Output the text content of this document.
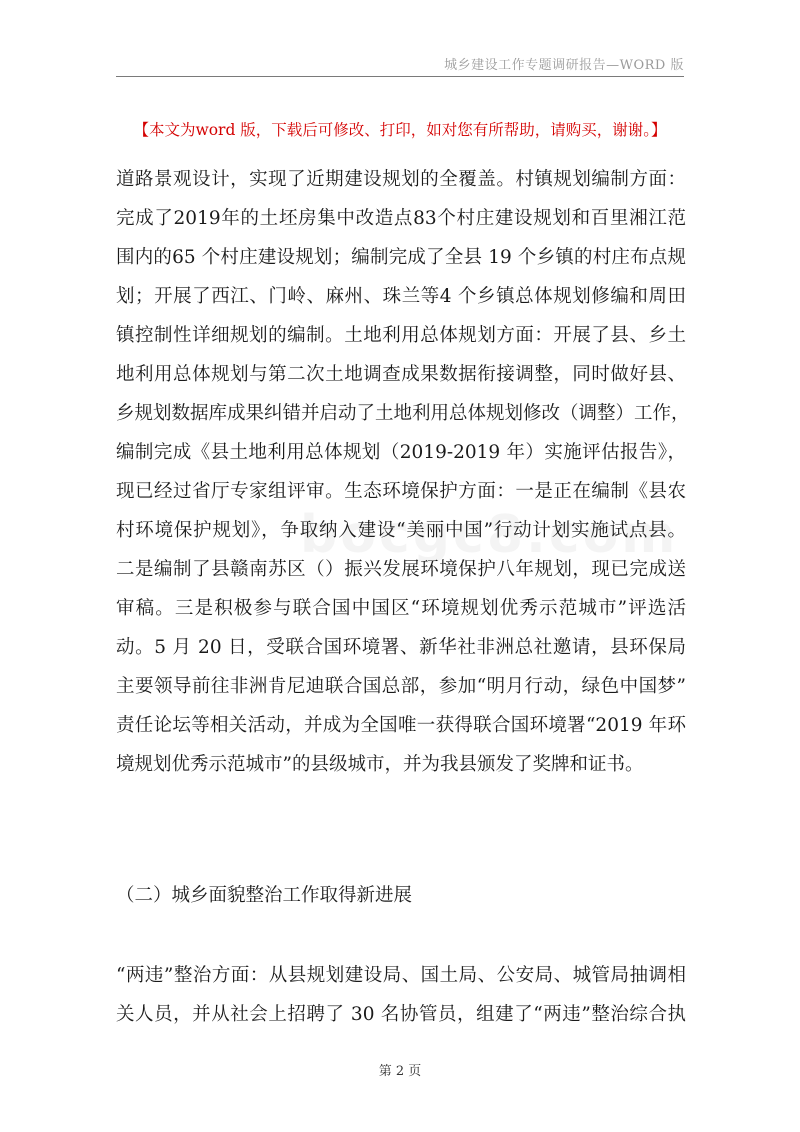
城乡建设工作专题调研报告—WORD 版
【本文为word 版，下载后可修改、打印，如对您有所帮助，请购买，谢谢。】
道路景观设计，实现了近期建设规划的全覆盖。村镇规划编制方面：
完成了2019年的土坯房集中改造点83个村庄建设规划和百里湘江范
围内的65 个村庄建设规划；编制完成了全县 19 个乡镇的村庄布点规
划；开展了西江、门岭、麻州、珠兰等4 个乡镇总体规划修编和周田
镇控制性详细规划的编制。土地利用总体规划方面：开展了县、乡土
地利用总体规划与第二次土地调查成果数据衔接调整，同时做好县、
乡规划数据库成果纠错并启动了土地利用总体规划修改（调整）工作，
编制完成《县土地利用总体规划（2019-2019 年）实施评估报告》，
现已经过省厅专家组评审。生态环境保护方面：一是正在编制《县农
村环境保护规划》，争取纳入建设“美丽中国”行动计划实施试点县。
二是编制了县赣南苏区（）振兴发展环境保护八年规划，现已完成送
审稿。三是积极参与联合国中国区“环境规划优秀示范城市”评选活
动。5 月 20 日，受联合国环境署、新华社非洲总社邀请，县环保局
主要领导前往非洲肯尼迪联合国总部，参加“明月行动，绿色中国梦”
责任论坛等相关活动，并成为全国唯一获得联合国环境署“2019 年环
境规划优秀示范城市”的县级城市，并为我县颁发了奖牌和证书。
（二）城乡面貌整治工作取得新进展
“两违”整治方面：从县规划建设局、国土局、公安局、城管局抽调相
关人员，并从社会上招聘了 30 名协管员，组建了“两违”整治综合执
第 2 页
